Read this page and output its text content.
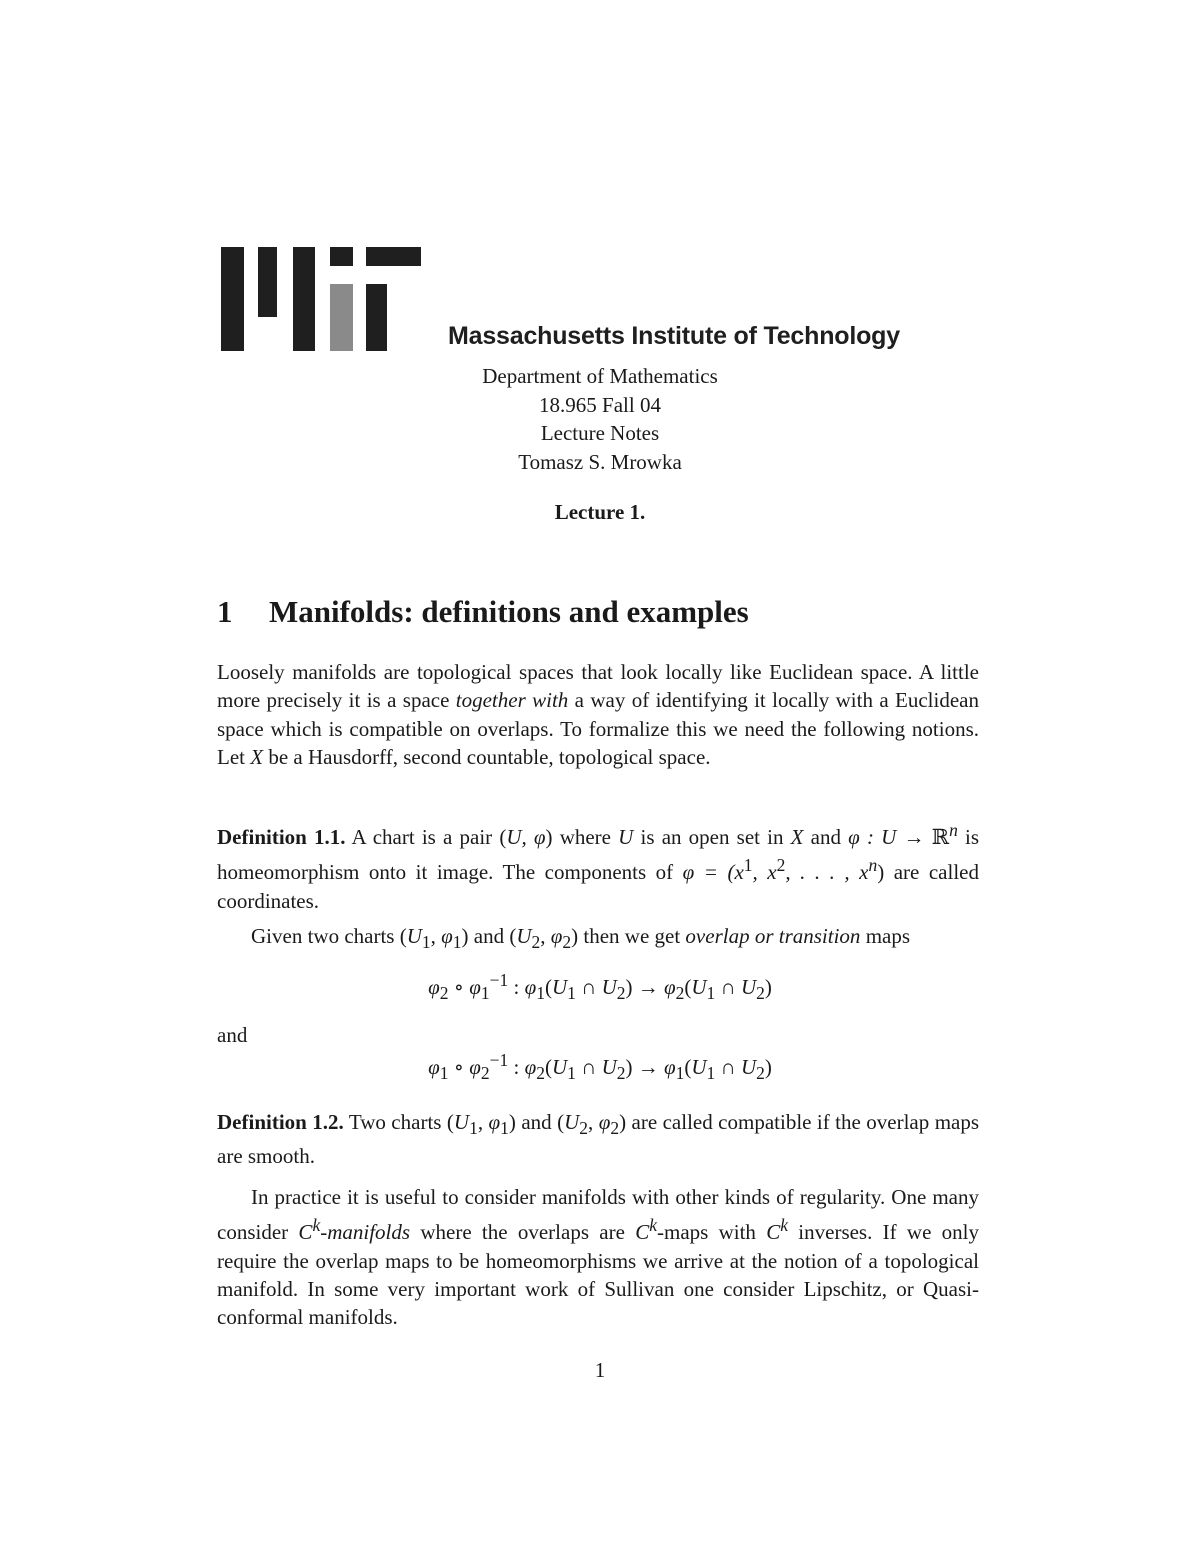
Massachusetts Institute of Technology
Department of Mathematics
18.965 Fall 04
Lecture Notes
Tomasz S. Mrowka
Lecture 1.
1 Manifolds: definitions and examples
Loosely manifolds are topological spaces that look locally like Euclidean space. A little more precisely it is a space together with a way of identifying it locally with a Euclidean space which is compatible on overlaps. To formalize this we need the following notions. Let X be a Hausdorff, second countable, topological space.
Definition 1.1. A chart is a pair (U, φ) where U is an open set in X and φ : U → ℝ$^n$ is homeomorphism onto it image. The components of $\varphi = (x^1$, $x^2$, . . . , $x^n$) are called coordinates.
Given two charts ($U_1$, $\varphi_1$) and ($U_2$, $\varphi_2$) then we get overlap or transition maps
$\varphi_2$ ∘ $\varphi_1^{-1}$ : $\varphi_1(U_1$ ∩ $U_2) \to \varphi_2(U_1$ ∩ $U_2$)
and
$\varphi_1$ ∘ $\varphi_2^{-1}$ : $\varphi_2(U_1$ ∩ $U_2) \to \varphi_1(U_1$ ∩ $U_2$)
Definition 1.2. Two charts ($U_1$, $\varphi_1$) and ($U_2$, $\varphi_2$) are called compatible if the overlap maps are smooth.
In practice it is useful to consider manifolds with other kinds of regularity. One many consider $C^k$-manifolds where the overlaps are $C^k$-maps with $C^k$ inverses. If we only require the overlap maps to be homeomorphisms we arrive at the notion of a topological manifold. In some very important work of Sullivan one consider Lipschitz, or Quasi-conformal manifolds.
1
